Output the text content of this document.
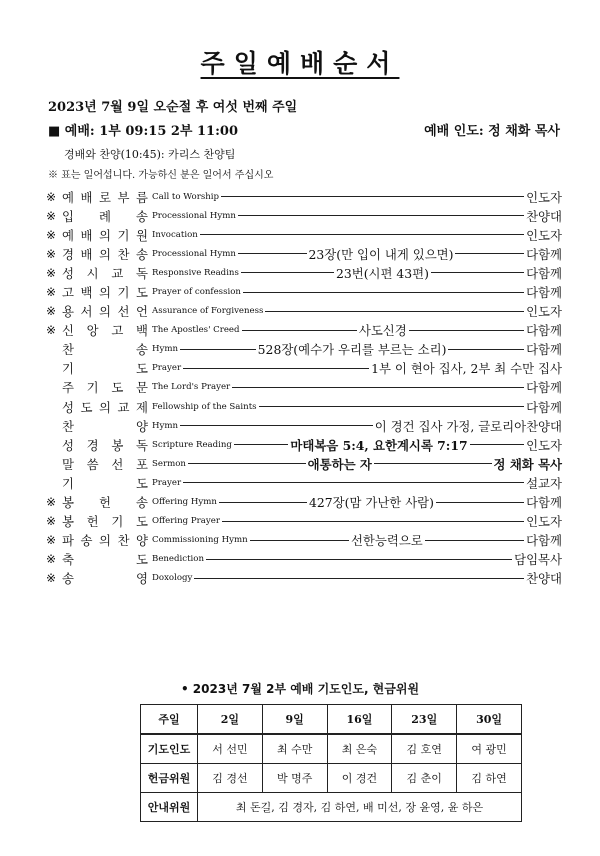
주일예배순서
2023년 7월 9일 오순절 후 여섯 번째 주일
■ 예배: 1부 09:15 2부 11:00	예배 인도: 정 채화 목사
경배와 찬양(10:45): 카리스 찬양팀
※ 표는 일어섭니다. 가능하신 분은 일어서 주십시오
※ 예 배 로 부 름 Call to Worship	인도자
※ 입 례 송 Processional Hymn	찬양대
※ 예 배 의 기 원 Invocation	인도자
※ 경 배 의 찬 송 Processional Hymn	23장(만 입이 내게 있으면)	다함께
※ 성 시 교 독 Responsive Readins	23번(시편 43편)	다함께
※ 고 백 의 기 도 Prayer of confession	다함께
※ 용 서 의 선 언 Assurance of Forgiveness	인도자
※ 신 앙 고 백 The Apostles' Creed	사도신경	다함께
찬	송 Hymn	528장(예수가 우리를 부르는 소리)	다함께
기	도 Prayer	1부 이 현아 집사, 2부 최 수만 집사
주 기 도 문 The Lord's Prayer	다함께
성 도 의 교 제 Fellowship of the Saints	다함께
찬	양 Hymn	이 경건 집사 가정, 글로리아찬양대
성 경 봉 독 Scripture Reading	마태복음 5:4, 요한계시록 7:17	인도자
말 씀 선 포 Sermon	애통하는 자	정 채화 목사
기	도 Prayer	설교자
※ 봉 헌 송 Offering Hymn	427장(맘 가난한 사람)	다함께
※ 봉 헌 기 도 Offering Prayer	인도자
※ 파 송 의 찬 양 Commissioning Hymn	선한능력으로	다함께
※ 축	도 Benediction	담임목사
※ 송	영 Doxology	찬양대
• 2023년 7월 2부 예배 기도인도, 현금위원
주일	2일	9일	16일	23일	30일
기도인도	서 선민	최 수만	최 은숙	김 호연	여 광민
헌금위원	김 경선	박 명주	이 경건	김 춘이	김 하연
안내위원	최 돈길, 김 경자, 김 하연, 배 미선, 장 윤영, 윤 하은				
